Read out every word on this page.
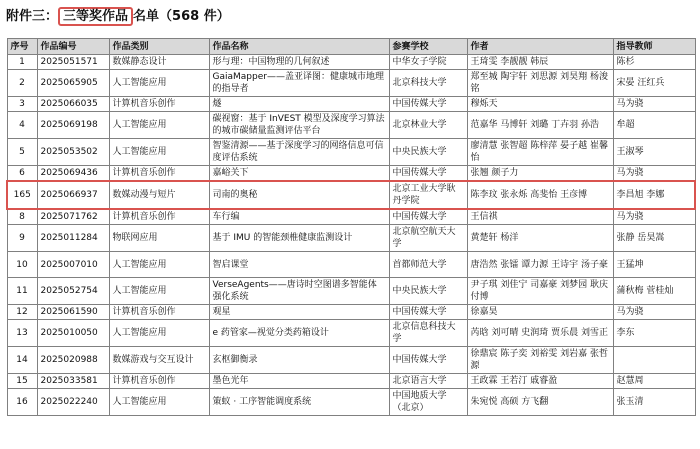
附件三： 三等奖作品 名单（568 件）
序号	作品编号	作品类别	作品名称	参赛学校	作者	指导教师
1	2025051571	数媒静态设计	形与理：中国物理的几何叙述	中华女子学院	王琦雯 李靓靓 韩辰	陈杉
2	2025065905	人工智能应用	GaiaMapper——盖亚译图：健康城市地理的指导者	北京科技大学	郑至城 陶宇轩 刘思源 刘昊翔 杨浚铭	宋晏 汪红兵
3	2025066035	计算机音乐创作	燧	中国传媒大学	穆烁天	马为骁
4	2025069198	人工智能应用	碳视窗：基于 InVEST 模型及深度学习算法的城市碳储量监测评估平台	北京林业大学	范嘉华 马博轩 刘璐 丁卉羽 孙浩	牟超
5	2025053502	人工智能应用	智鉴清源——基于深度学习的网络信息可信度评估系统	中央民族大学	廖清慧 张智超 陈梓萍 晏子越 崔馨怡	王淑琴
6	2025069436	计算机音乐创作	嘉峪关下	中国传媒大学	张翘 颜子力	马为骁
165	2025066937	数媒动漫与短片	司南的奥秘	北京工业大学耿丹学院	陈李玟 张永烁 高斐怡 王彦博	李昌旭 李娜
8	2025071762	计算机音乐创作	车行编	中国传媒大学	王信祺	马为骁
9	2025011284	物联网应用	基于 IMU 的智能颈椎健康监测设计	北京航空航天大学	黄楚轩 杨洋	张静 岳昊嵩
10	2025007010	人工智能应用	智启课堂	首都师范大学	唐浩然 张镭 谭力源 王诗宇 汤子豪	王猛坤
11	2025052754	人工智能应用	VerseAgents——唐诗时空图谱多智能体强化系统	中央民族大学	尹子琪 刘佳宁 司嘉豪 刘梦园 耿庆付博	蒲秋梅 菅桂灿
12	2025061590	计算机音乐创作	观星	中国传媒大学	徐嘉昊	马为骁
13	2025010050	人工智能应用	e 药管家—视觉分类药箱设计	北京信息科技大学	芮晗 刘可晴 史润琦 贾乐晨 刘雪正	李东
14	2025020988	数媒游戏与交互设计	玄枢御衡录	中国传媒大学	徐鼎宸 陈子奕 刘裕雯 刘岩嘉 张哲源	
15	2025033581	计算机音乐创作	墨色光年	北京语言大学	王政霖 王若汀 戚睿盈	赵慧周
16	2025022240	人工智能应用	策蚁 · 工序智能调度系统	中国地质大学（北京）	朱宛悦 高硕 方飞翻	张玉清
